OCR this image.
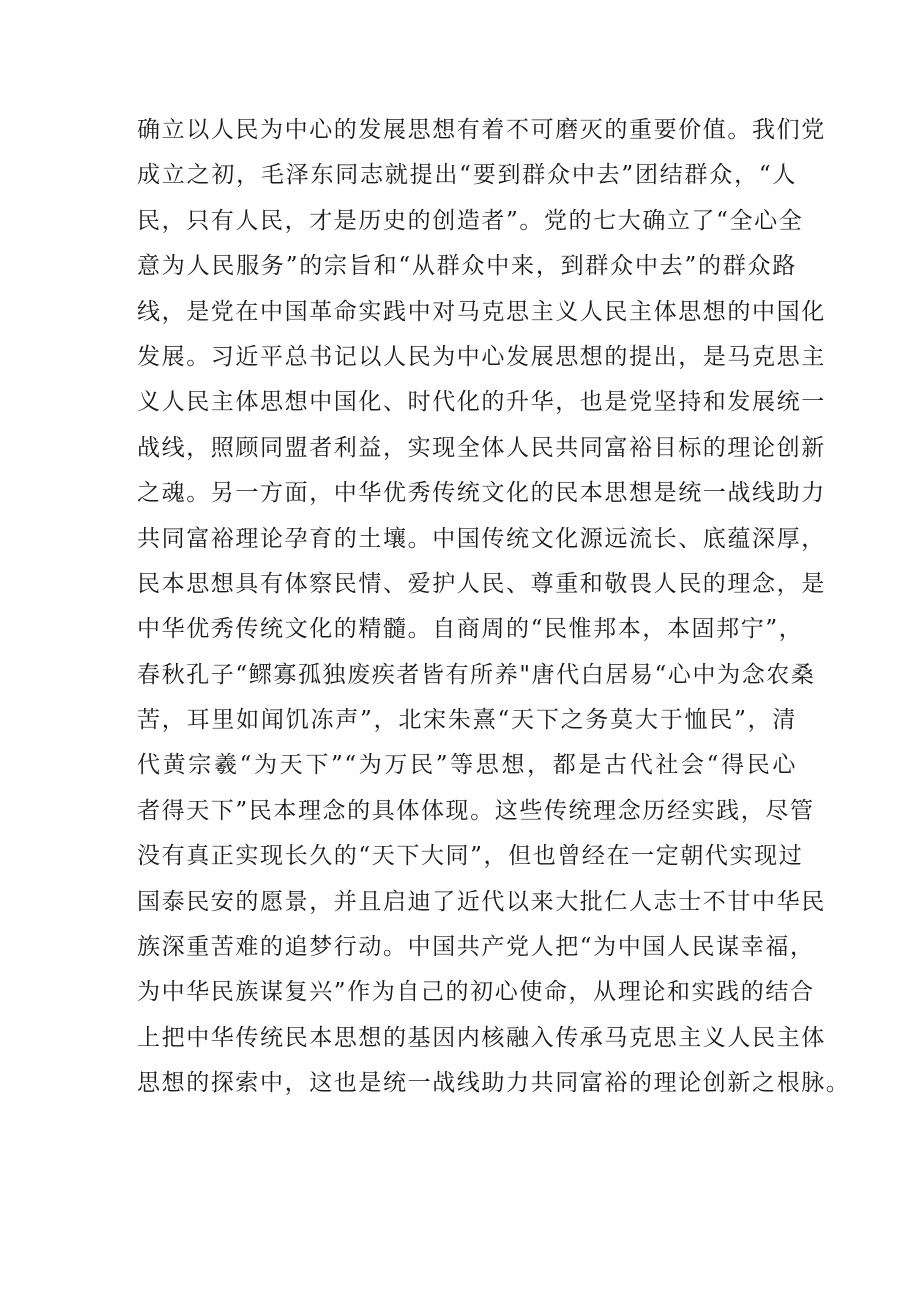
确立以人民为中心的发展思想有着不可磨灭的重要价值。我们党
成立之初，毛泽东同志就提出“要到群众中去”团结群众，“人
民，只有人民，才是历史的创造者”。党的七大确立了“全心全
意为人民服务”的宗旨和“从群众中来，到群众中去”的群众路
线，是党在中国革命实践中对马克思主义人民主体思想的中国化
发展。习近平总书记以人民为中心发展思想的提出，是马克思主
义人民主体思想中国化、时代化的升华，也是党坚持和发展统一
战线，照顾同盟者利益，实现全体人民共同富裕目标的理论创新
之魂。另一方面，中华优秀传统文化的民本思想是统一战线助力
共同富裕理论孕育的土壤。中国传统文化源远流长、底蕴深厚，
民本思想具有体察民情、爱护人民、尊重和敬畏人民的理念，是
中华优秀传统文化的精髓。自商周的“民惟邦本，本固邦宁”，
春秋孔子“鳏寡孤独废疾者皆有所养"唐代白居易“心中为念农桑
苦，耳里如闻饥冻声”，北宋朱熹“天下之务莫大于恤民”，清
代黄宗羲“为天下”“为万民”等思想，都是古代社会“得民心
者得天下”民本理念的具体体现。这些传统理念历经实践，尽管
没有真正实现长久的“天下大同”，但也曾经在一定朝代实现过
国泰民安的愿景，并且启迪了近代以来大批仁人志士不甘中华民
族深重苦难的追梦行动。中国共产党人把“为中国人民谋幸福，
为中华民族谋复兴”作为自己的初心使命，从理论和实践的结合
上把中华传统民本思想的基因内核融入传承马克思主义人民主体
思想的探索中，这也是统一战线助力共同富裕的理论创新之根脉。
